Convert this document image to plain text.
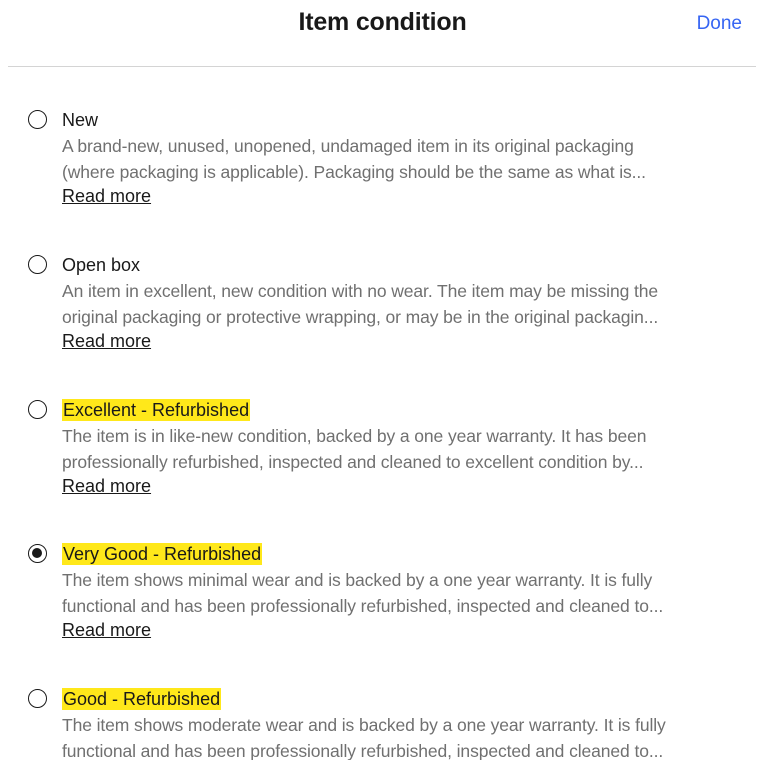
Item condition	Done
New
A brand-new, unused, unopened, undamaged item in its original packaging
(where packaging is applicable). Packaging should be the same as what is...
Read more
Open box
An item in excellent, new condition with no wear. The item may be missing the
original packaging or protective wrapping, or may be in the original packagin...
Read more
Excellent - Refurbished
The item is in like-new condition, backed by a one year warranty. It has been
professionally refurbished, inspected and cleaned to excellent condition by...
Read more
Very Good - Refurbished
The item shows minimal wear and is backed by a one year warranty. It is fully
functional and has been professionally refurbished, inspected and cleaned to...
Read more
Good - Refurbished
The item shows moderate wear and is backed by a one year warranty. It is fully
functional and has been professionally refurbished, inspected and cleaned to...
